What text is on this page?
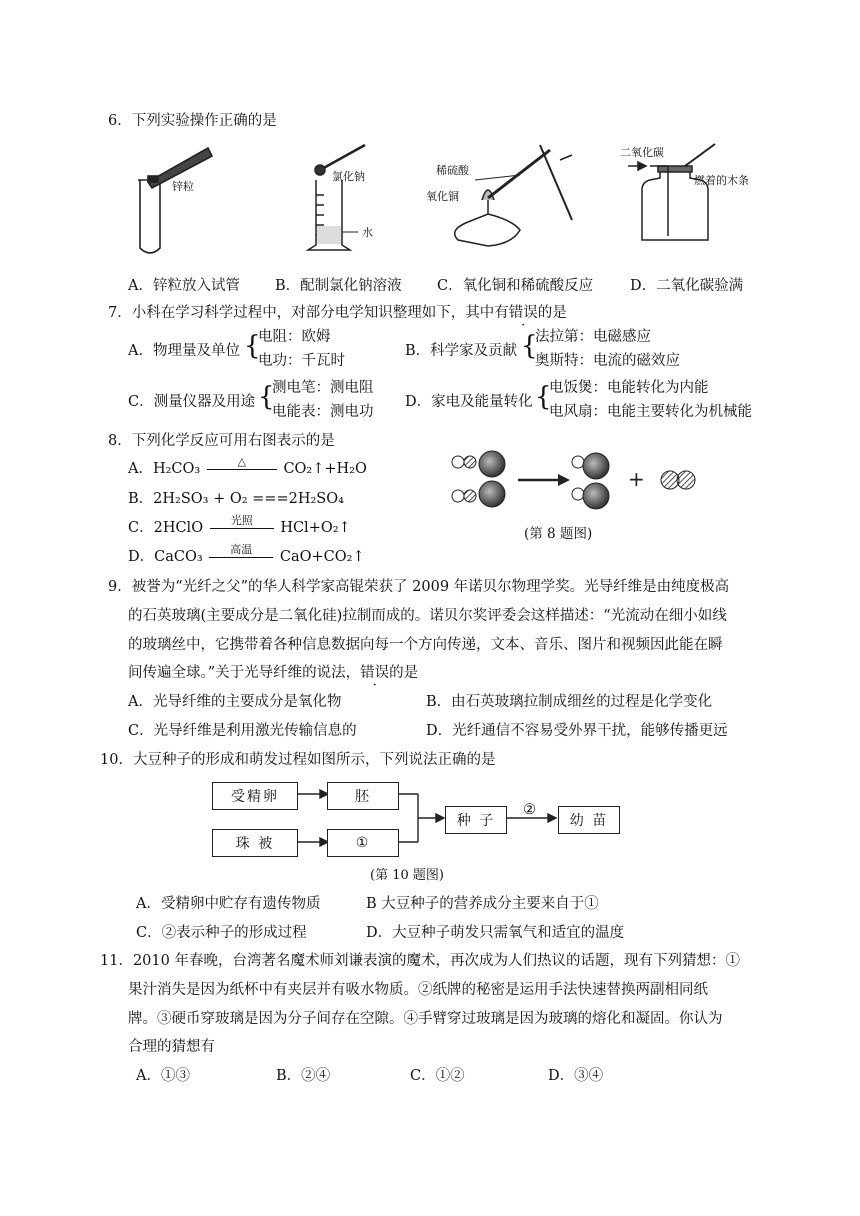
6．下列实验操作正确的是
锌粒
氯化钠
水
稀硫酸
氧化铜
二氧化碳
燃着的木条
A．锌粒放入试管 B．配制氯化钠溶液 C．氧化铜和稀硫酸反应	D．二氧化碳验满
7．小科在学习科学过程中，对部分电学知识整理如下，其中有错误的是
A．物理量及单位 {
电阻：欧姆
电功：千瓦时
B．科学家及贡献 {
法拉第：电磁感应
奥斯特：电流的磁效应
C．测量仪器及用途 {
测电笔：测电阻
电能表：测电功
D．家电及能量转化 {
电饭煲：电能转化为内能
电风扇：电能主要转化为机械能
8．下列化学反应可用右图表示的是
A．H₂CO₃	△	CO₂↑+H₂O
B．2H₂SO₃ + O₂ ===2H₂SO₄
C．2HClO	光照	HCl+O₂↑
D．CaCO₃	高温	CaO+CO₂↑
+
(第 8 题图)
9．被誉为“光纤之父”的华人科学家高锟荣获了 2009 年诺贝尔物理学奖。光导纤维是由纯度极高
的石英玻璃(主要成分是二氧化硅)拉制而成的。诺贝尔奖评委会这样描述：“光流动在细小如线
的玻璃丝中，它携带着各种信息数据向每一个方向传递，文本、音乐、图片和视频因此能在瞬
间传遍全球。”关于光导纤维的说法，错误的是
A．光导纤维的主要成分是氧化物	B．由石英玻璃拉制成细丝的过程是化学变化
C．光导纤维是利用激光传输信息的	D．光纤通信不容易受外界干扰，能够传播更远
10．大豆种子的形成和萌发过程如图所示，下列说法正确的是
受精卵	胚
珠 被	①
种 子	幼 苗
②
(第 10 题图)
A．受精卵中贮存有遗传物质	B 大豆种子的营养成分主要来自于①
C．②表示种子的形成过程	D．大豆种子萌发只需氧气和适宜的温度
11．2010 年春晚，台湾著名魔术师刘谦表演的魔术，再次成为人们热议的话题，现有下列猜想：①
果汁消失是因为纸杯中有夹层并有吸水物质。②纸牌的秘密是运用手法快速替换两副相同纸
牌。③硬币穿玻璃是因为分子间存在空隙。④手臂穿过玻璃是因为玻璃的熔化和凝固。你认为
合理的猜想有
A．①③	B．②④	C．①②	D．③④
